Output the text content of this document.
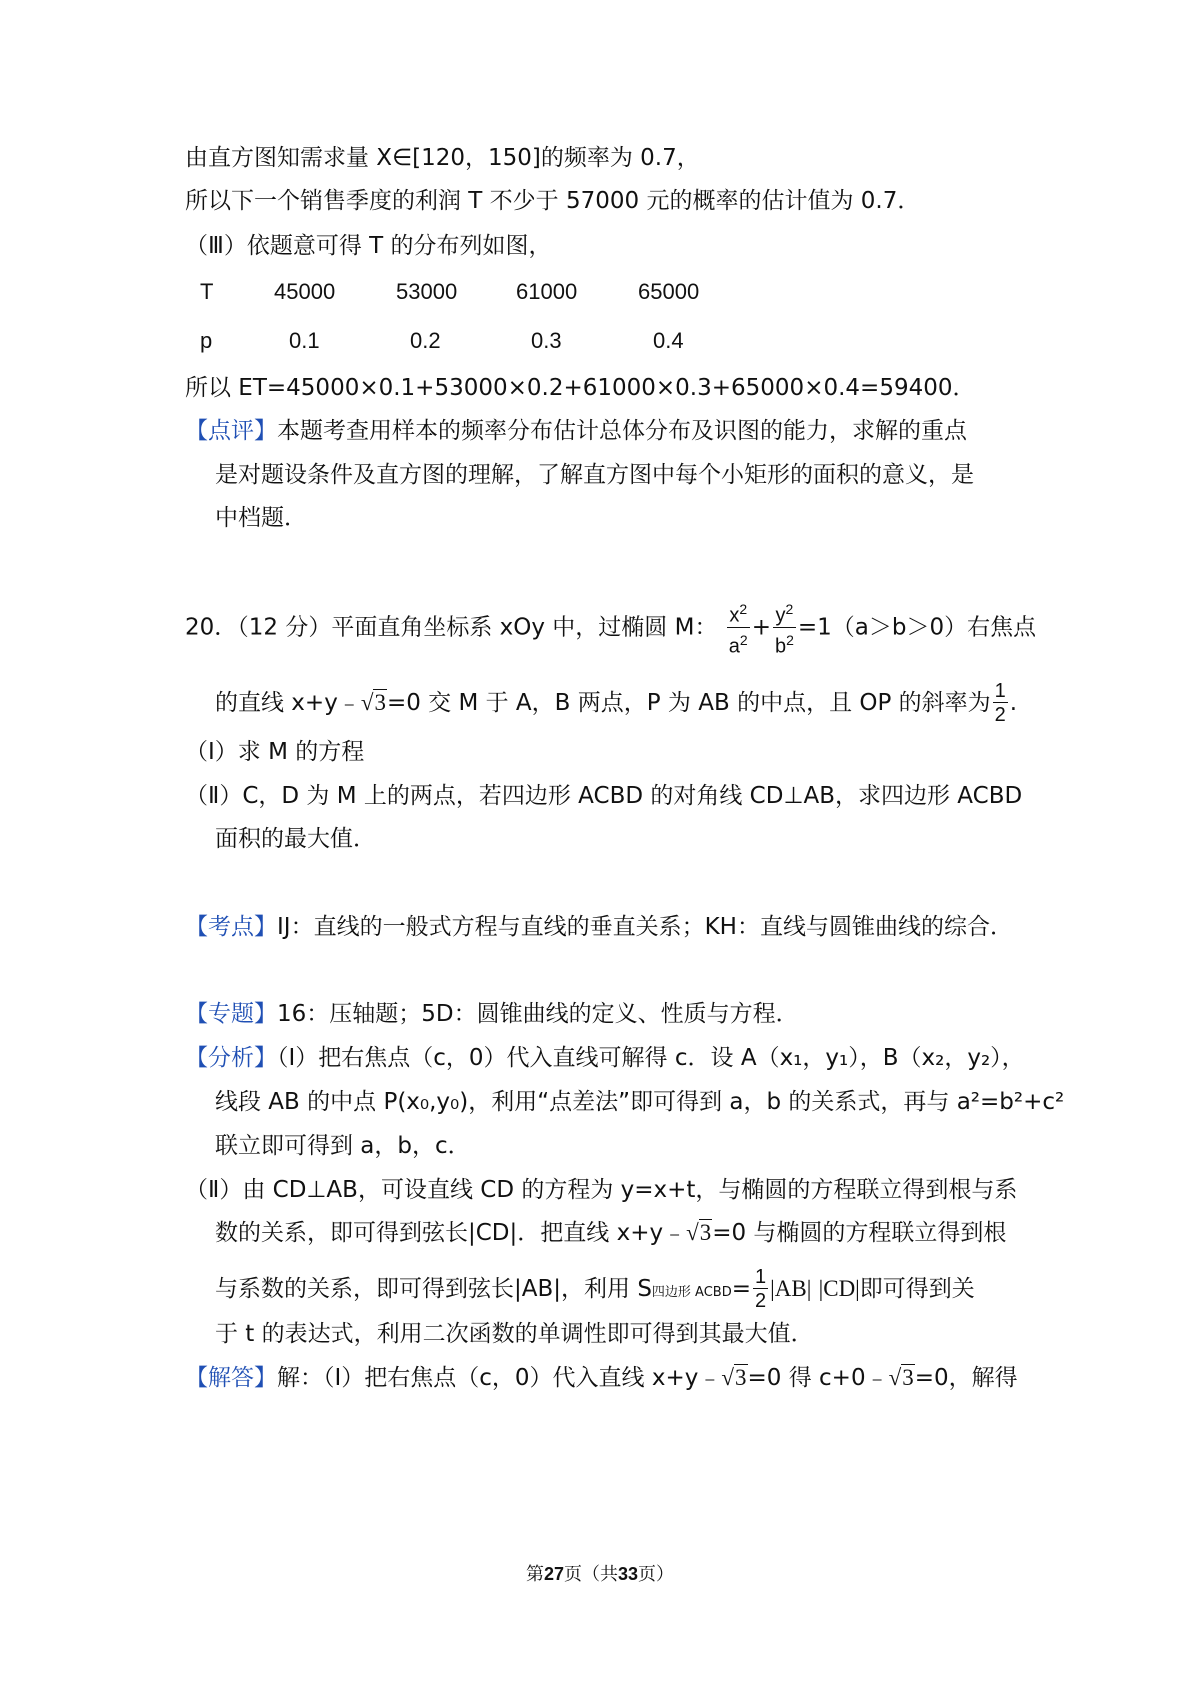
由直方图知需求量 X∈[120，150]的频率为 0.7，
所以下一个销售季度的利润 T 不少于 57000 元的概率的估计值为 0.7．
（Ⅲ）依题意可得 T 的分布列如图，
T	45000	53000	61000	65000
p	0.1	0.2	0.3	0.4
所以 ET=45000×0.1+53000×0.2+61000×0.3+65000×0.4=59400．
【点评】本题考查用样本的频率分布估计总体分布及识图的能力，求解的重点
是对题设条件及直方图的理解，了解直方图中每个小矩形的面积的意义，是
中档题．
20．（12 分）平面直角坐标系 xOy 中，过椭圆 M： $\frac{x^2}{a^2} + \frac{y^2}{b^2} =1(a>b>0)$右焦点
的直线 x+y﹣√3=0 交 M 于 A，B 两点，P 为 AB 的中点，且 OP 的斜率为 $\frac{1}{2}$ .
（Ⅰ）求 M 的方程
（Ⅱ）C，D 为 M 上的两点，若四边形 ACBD 的对角线 CD⊥AB，求四边形 ACBD
面积的最大值．
【考点】IJ：直线的一般式方程与直线的垂直关系；KH：直线与圆锥曲线的综合．
【专题】16：压轴题；5D：圆锥曲线的定义、性质与方程．
【分析】（Ⅰ）把右焦点（c，0）代入直线可解得 c．设 A（x₁，y₁），B（x₂，y₂），
线段 AB 的中点 P(x₀,y₀)，利用“点差法”即可得到 a，b 的关系式，再与 a²=b²+c²
联立即可得到 a，b，c．
（Ⅱ）由 CD⊥AB，可设直线 CD 的方程为 y=x+t，与椭圆的方程联立得到根与系
数的关系，即可得到弦长|CD|．把直线 x+y﹣√3=0 与椭圆的方程联立得到根
与系数的关系，即可得到弦长|AB|，利用 S四边形 ACBD= $\frac{1}{2} |AB|$ |CD|即可得到关
于 t 的表达式，利用二次函数的单调性即可得到其最大值．
【解答】解：（Ⅰ）把右焦点（c，0）代入直线 x+y﹣√3=0 得 c+0﹣√3=0，解得
第27页（共33页）
